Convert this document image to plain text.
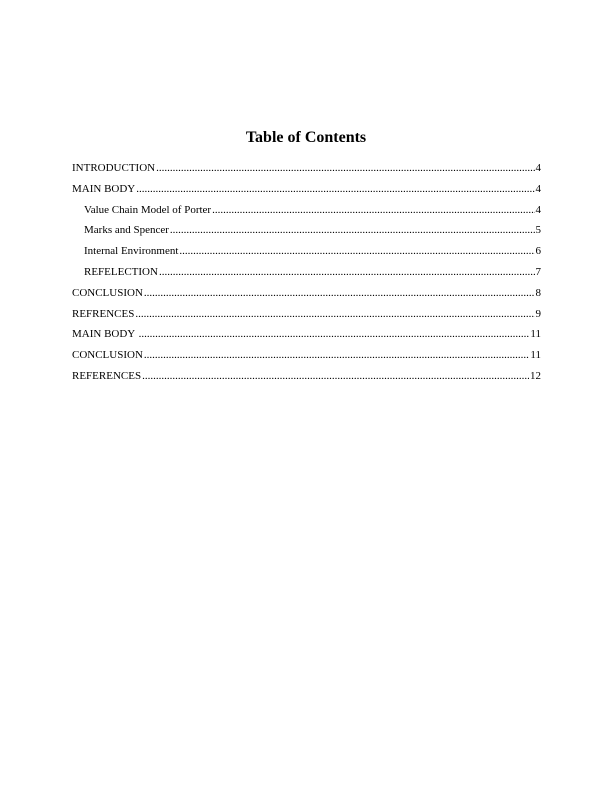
Table of Contents
INTRODUCTION .....	4
MAIN BODY .....	4
Value Chain Model of Porter .....	4
Marks and Spencer .....	5
Internal Environment .....	6
REFELECTION .....	7
CONCLUSION .....	8
REFRENCES .....	9
MAIN BODY .....	11
CONCLUSION .....	11
REFERENCES .....	12
